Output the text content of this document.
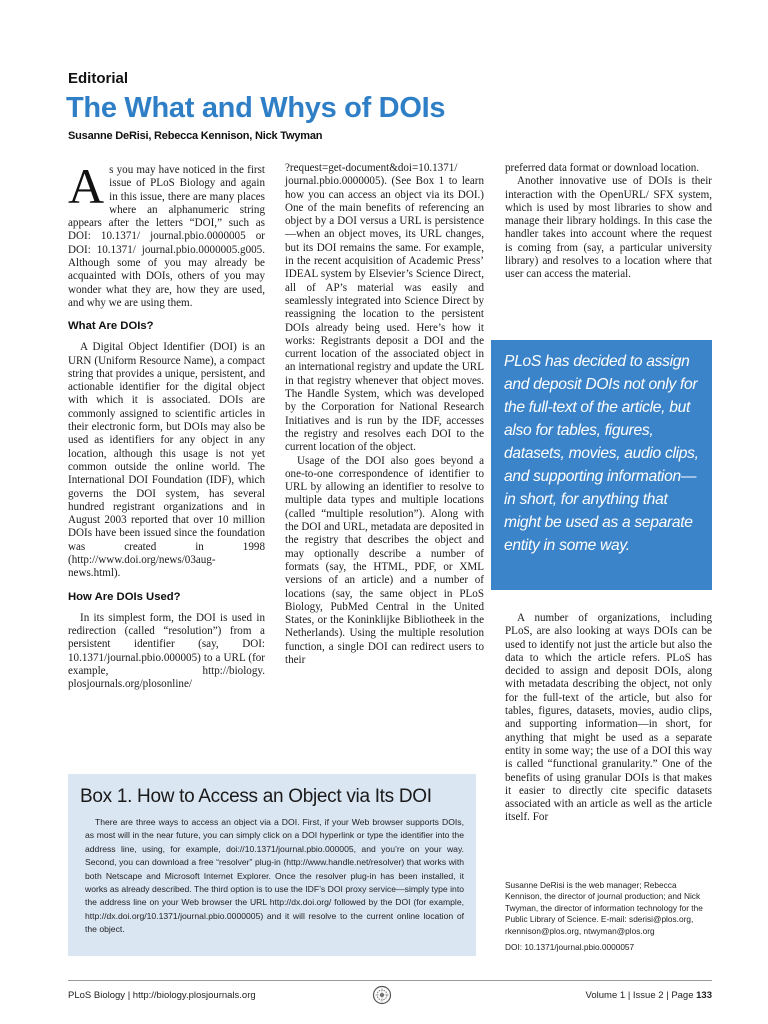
Editorial
The What and Whys of DOIs
Susanne DeRisi, Rebecca Kennison, Nick Twyman

As you may have noticed in the first issue of PLoS Biology and again in this issue, there are many places where an alphanumeric string appears after the letters “DOI,” such as DOI: 10.1371/ journal.pbio.0000005 or DOI: 10.1371/ journal.pbio.0000005.g005. Although some of you may already be acquainted with DOIs, others of you may wonder what they are, how they are used, and why we are using them.

What Are DOIs?

A Digital Object Identifier (DOI) is an URN (Uniform Resource Name), a compact string that provides a unique, persistent, and actionable identifier for the digital object with which it is associated. DOIs are commonly assigned to scientific articles in their electronic form, but DOIs may also be used as identifiers for any object in any location, although this usage is not yet common outside the online world. The International DOI Foundation (IDF), which governs the DOI system, has several hundred registrant organizations and in August 2003 reported that over 10 million DOIs have been issued since the foundation was created in 1998 (http://www.doi.org/news/03aug-news.html).

How Are DOIs Used?

In its simplest form, the DOI is used in redirection (called “resolution”) from a persistent identifier (say, DOI: 10.1371/journal.pbio.000005) to a URL (for example, http://biology. plosjournals.org/plosonline/

?request=get-document&doi=10.1371/ journal.pbio.0000005). (See Box 1 to learn how you can access an object via its DOI.) One of the main benefits of referencing an object by a DOI versus a URL is persistence—when an object moves, its URL changes, but its DOI remains the same. For example, in the recent acquisition of Academic Press’ IDEAL system by Elsevier’s Science Direct, all of AP’s material was easily and seamlessly integrated into Science Direct by reassigning the location to the persistent DOIs already being used. Here’s how it works: Registrants deposit a DOI and the current location of the associated object in an international registry and update the URL in that registry whenever that object moves. The Handle System, which was developed by the Corporation for National Research Initiatives and is run by the IDF, accesses the registry and resolves each DOI to the current location of the object.

Usage of the DOI also goes beyond a one-to-one correspondence of identifier to URL by allowing an identifier to resolve to multiple data types and multiple locations (called “multiple resolution”). Along with the DOI and URL, metadata are deposited in the registry that describes the object and may optionally describe a number of formats (say, the HTML, PDF, or XML versions of an article) and a number of locations (say, the same object in PLoS Biology, PubMed Central in the United States, or the Koninklijke Bibliotheek in the Netherlands). Using the multiple resolution function, a single DOI can redirect users to their

preferred data format or download location.

Another innovative use of DOIs is their interaction with the OpenURL/ SFX system, which is used by most libraries to show and manage their library holdings. In this case the handler takes into account where the request is coming from (say, a particular university library) and resolves to a location where that user can access the material.

PLoS has decided to assign and deposit DOIs not only for the full-text of the article, but also for tables, figures, datasets, movies, audio clips, and supporting information—in short, for anything that might be used as a separate entity in some way.

A number of organizations, including PLoS, are also looking at ways DOIs can be used to identify not just the article but also the data to which the article refers. PLoS has decided to assign and deposit DOIs, along with metadata describing the object, not only for the full-text of the article, but also for tables, figures, datasets, movies, audio clips, and supporting information—in short, for anything that might be used as a separate entity in some way; the use of a DOI this way is called “functional granularity.” One of the benefits of using granular DOIs is that makes it easier to directly cite specific datasets associated with an article as well as the article itself. For

Box 1. How to Access an Object via Its DOI

There are three ways to access an object via a DOI. First, if your Web browser supports DOIs, as most will in the near future, you can simply click on a DOI hyperlink or type the identifier into the address line, using, for example, doi://10.1371/journal.pbio.000005, and you’re on your way. Second, you can download a free “resolver” plug-in (http://www.handle.net/resolver) that works with both Netscape and Microsoft Internet Explorer. Once the resolver plug-in has been installed, it works as already described. The third option is to use the IDF’s DOI proxy service—simply type into the address line on your Web browser the URL http://dx.doi.org/ followed by the DOI (for example, http://dx.doi.org/10.1371/journal.pbio.0000005) and it will resolve to the current online location of the object.

Susanne DeRisi is the web manager; Rebecca Kennison, the director of journal production; and Nick Twyman, the director of information technology for the Public Library of Science. E-mail: sderisi@plos.org, rkennison@plos.org, ntwyman@plos.org
DOI: 10.1371/journal.pbio.0000057
PLoS Biology | http://biology.plosjournals.org	Volume 1 | Issue 2 | Page 133
